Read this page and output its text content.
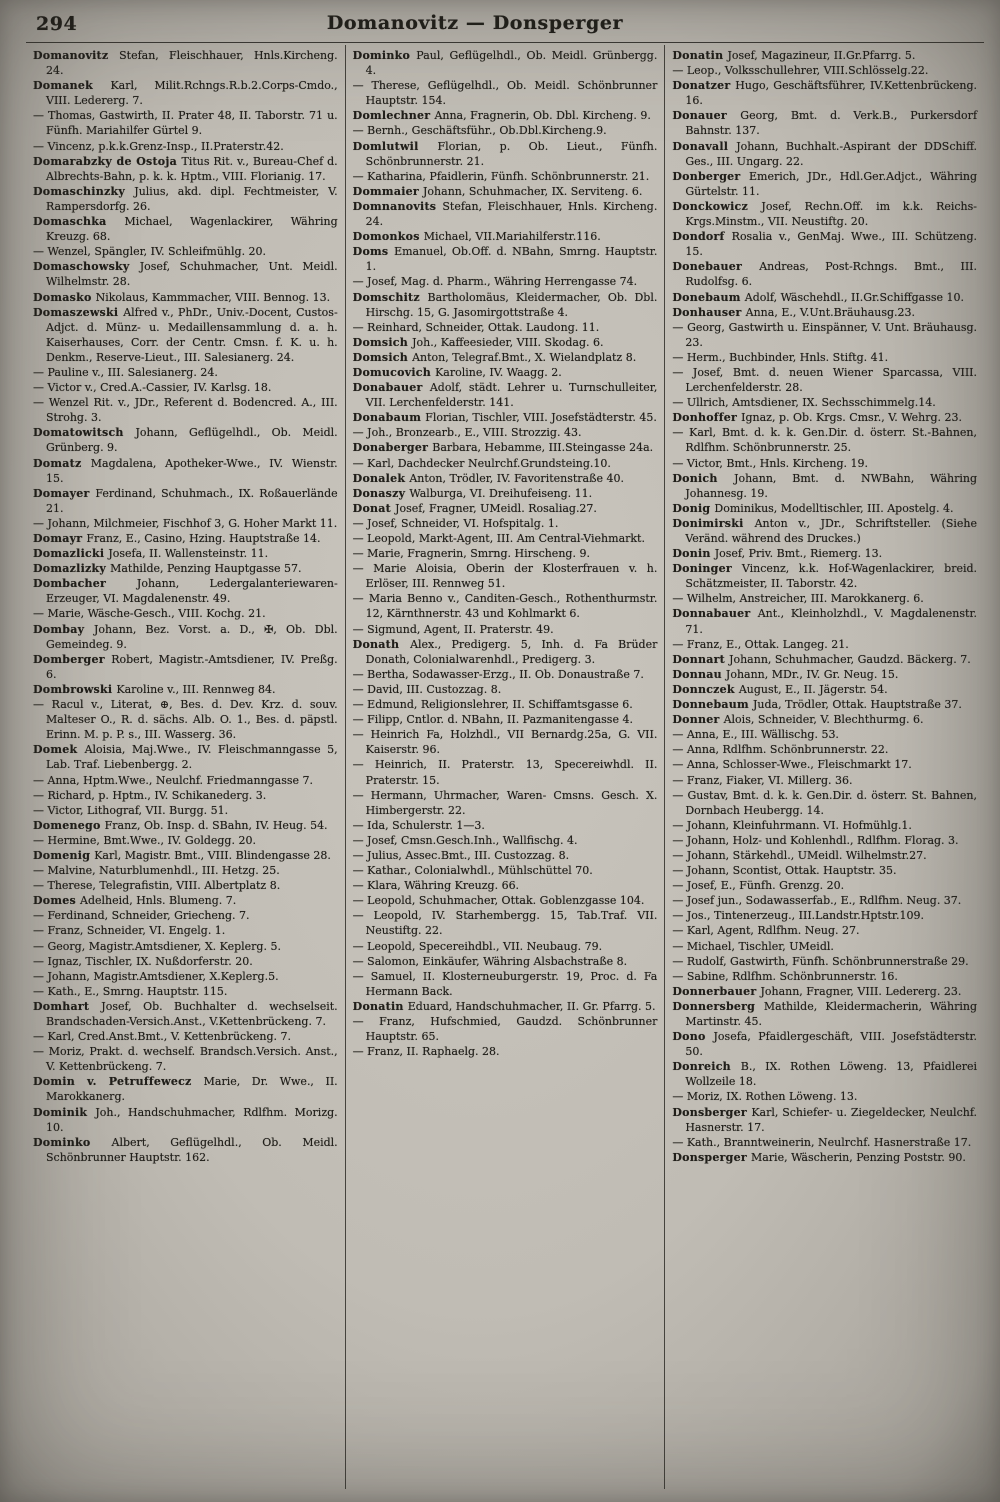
294	Domanovitz — Donsperger
Domanovitz Stefan, Fleischhauer, Hnls.Kircheng. 24.
Domanek Karl, Milit.Rchngs.R.b.2.Corps-Cmdo., VIII. Ledererg. 7.
— Thomas, Gastwirth, II. Prater 48, II. Taborstr. 71 u. Fünfh. Mariahilfer Gürtel 9.
— Vincenz, p.k.k.Grenz-Insp., II.Praterstr.42.
Domarabzky de Ostoja Titus Rit. v., Bureau-Chef d. Albrechts-Bahn, p. k. k. Hptm., VIII. Florianig. 17.
Domaschinzky Julius, akd. dipl. Fechtmeister, V. Rampersdorfg. 26.
Domaschka Michael, Wagenlackirer, Währing Kreuzg. 68.
— Wenzel, Spängler, IV. Schleifmühlg. 20.
Domaschowsky Josef, Schuhmacher, Unt. Meidl. Wilhelmstr. 28.
Domasko Nikolaus, Kammmacher, VIII. Bennog. 13.
Domaszewski Alfred v., PhDr., Univ.-Docent, Custos-Adjct. d. Münz- u. Medaillensammlung d. a. h. Kaiserhauses, Corr. der Centr. Cmsn. f. K. u. h. Denkm., Reserve-Lieut., III. Salesianerg. 24.
— Pauline v., III. Salesianerg. 24.
— Victor v., Cred.A.-Cassier, IV. Karlsg. 18.
— Wenzel Rit. v., JDr., Referent d. Bodencred. A., III. Strohg. 3.
Domatowitsch Johann, Geflügelhdl., Ob. Meidl. Grünberg. 9.
Domatz Magdalena, Apotheker-Wwe., IV. Wienstr. 15.
Domayer Ferdinand, Schuhmach., IX. Roßauerlände 21.
— Johann, Milchmeier, Fischhof 3, G. Hoher Markt 11.
Domayr Franz, E., Casino, Hzing. Hauptstraße 14.
Domazlicki Josefa, II. Wallensteinstr. 11.
Domazlizky Mathilde, Penzing Hauptgasse 57.
Dombacher Johann, Ledergalanteriewaren-Erzeuger, VI. Magdalenenstr. 49.
— Marie, Wäsche-Gesch., VIII. Kochg. 21.
Dombay Johann, Bez. Vorst. a. D., ✠, Ob. Dbl. Gemeindeg. 9.
Domberger Robert, Magistr.-Amtsdiener, IV. Preßg. 6.
Dombrowski Karoline v., III. Rennweg 84.
— Racul v., Literat, ⊕, Bes. d. Dev. Krz. d. souv. Malteser O., R. d. sächs. Alb. O. 1., Bes. d. päpstl. Erinn. M. p. P. s., III. Wasserg. 36.
Domek Aloisia, Maj.Wwe., IV. Fleischmanngasse 5, Lab. Traf. Liebenbergg. 2.
— Anna, Hptm.Wwe., Neulchf. Friedmanngasse 7.
— Richard, p. Hptm., IV. Schikanederg. 3.
— Victor, Lithograf, VII. Burgg. 51.
Domenego Franz, Ob. Insp. d. SBahn, IV. Heug. 54.
— Hermine, Bmt.Wwe., IV. Goldegg. 20.
Domenig Karl, Magistr. Bmt., VIII. Blindengasse 28.
— Malvine, Naturblumenhdl., III. Hetzg. 25.
— Therese, Telegrafistin, VIII. Albertplatz 8.
Domes Adelheid, Hnls. Blumeng. 7.
— Ferdinand, Schneider, Griecheng. 7.
— Franz, Schneider, VI. Engelg. 1.
— Georg, Magistr.Amtsdiener, X. Keplerg. 5.
— Ignaz, Tischler, IX. Nußdorferstr. 20.
— Johann, Magistr.Amtsdiener, X.Keplerg.5.
— Kath., E., Smrng. Hauptstr. 115.
Domhart Josef, Ob. Buchhalter d. wechselseit. Brandschaden-Versich.Anst., V.Kettenbrückeng. 7.
— Karl, Cred.Anst.Bmt., V. Kettenbrückeng. 7.
— Moriz, Prakt. d. wechself. Brandsch.Versich. Anst., V. Kettenbrückeng. 7.
Domin v. Petruffewecz Marie, Dr. Wwe., II. Marokkanerg.
Dominik Joh., Handschuhmacher, Rdlfhm. Morizg. 10.
Dominko Albert, Geflügelhdl., Ob. Meidl. Schönbrunner Hauptstr. 162.
Dominko Paul, Geflügelhdl., Ob. Meidl. Grünbergg. 4.
— Therese, Geflügelhdl., Ob. Meidl. Schönbrunner Hauptstr. 154.
Domlechner Anna, Fragnerin, Ob. Dbl. Kircheng. 9.
— Bernh., Geschäftsführ., Ob.Dbl.Kircheng.9.
Domlutwil Florian, p. Ob. Lieut., Fünfh. Schönbrunnerstr. 21.
— Katharina, Pfaidlerin, Fünfh. Schönbrunnerstr. 21.
Dommaier Johann, Schuhmacher, IX. Serviteng. 6.
Domnanovits Stefan, Fleischhauer, Hnls. Kircheng. 24.
Domonkos Michael, VII.Mariahilferstr.116.
Doms Emanuel, Ob.Off. d. NBahn, Smrng. Hauptstr. 1.
— Josef, Mag. d. Pharm., Währing Herrengasse 74.
Domschitz Bartholomäus, Kleidermacher, Ob. Dbl. Hirschg. 15, G. Jasomirgottstraße 4.
— Reinhard, Schneider, Ottak. Laudong. 11.
Domsich Joh., Kaffeesieder, VIII. Skodag. 6.
Domsich Anton, Telegraf.Bmt., X. Wielandplatz 8.
Domucovich Karoline, IV. Waagg. 2.
Donabauer Adolf, städt. Lehrer u. Turnschulleiter, VII. Lerchenfelderstr. 141.
Donabaum Florian, Tischler, VIII. Josefstädterstr. 45.
— Joh., Bronzearb., E., VIII. Strozzig. 43.
Donaberger Barbara, Hebamme, III.Steingasse 24a.
— Karl, Dachdecker Neulrchf.Grundsteing.10.
Donalek Anton, Trödler, IV. Favoritenstraße 40.
Donaszy Walburga, VI. Dreihufeiseng. 11.
Donat Josef, Fragner, UMeidl. Rosaliag.27.
— Josef, Schneider, VI. Hofspitalg. 1.
— Leopold, Markt-Agent, III. Am Central-Viehmarkt.
— Marie, Fragnerin, Smrng. Hirscheng. 9.
— Marie Aloisia, Oberin der Klosterfrauen v. h. Erlöser, III. Rennweg 51.
— Maria Benno v., Canditen-Gesch., Rothenthurmstr. 12, Kärnthnerstr. 43 und Kohlmarkt 6.
— Sigmund, Agent, II. Praterstr. 49.
Donath Alex., Predigerg. 5, Inh. d. Fa Brüder Donath, Colonialwarenhdl., Predigerg. 3.
— Bertha, Sodawasser-Erzg., II. Ob. Donaustraße 7.
— David, III. Custozzag. 8.
— Edmund, Religionslehrer, II. Schiffamtsgasse 6.
— Filipp, Cntlor. d. NBahn, II. Pazmanitengasse 4.
— Heinrich Fa, Holzhdl., VII Bernardg.25a, G. VII. Kaiserstr. 96.
— Heinrich, II. Praterstr. 13, Specereiwhdl. II. Praterstr. 15.
— Hermann, Uhrmacher, Waren- Cmsns. Gesch. X. Himbergerstr. 22.
— Ida, Schulerstr. 1—3.
— Josef, Cmsn.Gesch.Inh., Wallfischg. 4.
— Julius, Assec.Bmt., III. Custozzag. 8.
— Kathar., Colonialwhdl., Mühlschüttel 70.
— Klara, Währing Kreuzg. 66.
— Leopold, Schuhmacher, Ottak. Goblenzgasse 104.
— Leopold, IV. Starhembergg. 15, Tab.Traf. VII. Neustiftg. 22.
— Leopold, Specereihdbl., VII. Neubaug. 79.
— Salomon, Einkäufer, Währing Alsbachstraße 8.
— Samuel, II. Klosterneuburgerstr. 19, Proc. d. Fa Hermann Back.
Donatin Eduard, Handschuhmacher, II. Gr. Pfarrg. 5.
— Franz, Hufschmied, Gaudzd. Schönbrunner Hauptstr. 65.
— Franz, II. Raphaelg. 28.
Donatin Josef, Magazineur, II.Gr.Pfarrg. 5.
— Leop., Volksschullehrer, VIII.Schlösselg.22.
Donatzer Hugo, Geschäftsführer, IV.Kettenbrückeng. 16.
Donauer Georg, Bmt. d. Verk.B., Purkersdorf Bahnstr. 137.
Donavall Johann, Buchhalt.-Aspirant der DDSchiff. Ges., III. Ungarg. 22.
Donberger Emerich, JDr., Hdl.Ger.Adjct., Währing Gürtelstr. 11.
Donckowicz Josef, Rechn.Off. im k.k. Reichs-Krgs.Minstm., VII. Neustiftg. 20.
Dondorf Rosalia v., GenMaj. Wwe., III. Schützeng. 15.
Donebauer Andreas, Post-Rchngs. Bmt., III. Rudolfsg. 6.
Donebaum Adolf, Wäschehdl., II.Gr.Schiffgasse 10.
Donhauser Anna, E., V.Unt.Bräuhausg.23.
— Georg, Gastwirth u. Einspänner, V. Unt. Bräuhausg. 23.
— Herm., Buchbinder, Hnls. Stiftg. 41.
— Josef, Bmt. d. neuen Wiener Sparcassa, VIII. Lerchenfelderstr. 28.
— Ullrich, Amtsdiener, IX. Sechsschimmelg.14.
Donhoffer Ignaz, p. Ob. Krgs. Cmsr., V. Wehrg. 23.
— Karl, Bmt. d. k. k. Gen.Dir. d. österr. St.-Bahnen, Rdlfhm. Schönbrunnerstr. 25.
— Victor, Bmt., Hnls. Kircheng. 19.
Donich Johann, Bmt. d. NWBahn, Währing Johannesg. 19.
Donig Dominikus, Modelltischler, III. Apostelg. 4.
Donimirski Anton v., JDr., Schriftsteller. (Siehe Veränd. während des Druckes.)
Donin Josef, Priv. Bmt., Riemerg. 13.
Doninger Vincenz, k.k. Hof-Wagenlackirer, breid. Schätzmeister, II. Taborstr. 42.
— Wilhelm, Anstreicher, III. Marokkanerg. 6.
Donnabauer Ant., Kleinholzhdl., V. Magdalenenstr. 71.
— Franz, E., Ottak. Langeg. 21.
Donnart Johann, Schuhmacher, Gaudzd. Bäckerg. 7.
Donnau Johann, MDr., IV. Gr. Neug. 15.
Donnczek August, E., II. Jägerstr. 54.
Donnebaum Juda, Trödler, Ottak. Hauptstraße 37.
Donner Alois, Schneider, V. Blechthurmg. 6.
— Anna, E., III. Wällischg. 53.
— Anna, Rdlfhm. Schönbrunnerstr. 22.
— Anna, Schlosser-Wwe., Fleischmarkt 17.
— Franz, Fiaker, VI. Millerg. 36.
— Gustav, Bmt. d. k. k. Gen.Dir. d. österr. St. Bahnen, Dornbach Heubergg. 14.
— Johann, Kleinfuhrmann. VI. Hofmühlg.1.
— Johann, Holz- und Kohlenhdl., Rdlfhm. Florag. 3.
— Johann, Stärkehdl., UMeidl. Wilhelmstr.27.
— Johann, Scontist, Ottak. Hauptstr. 35.
— Josef, E., Fünfh. Grenzg. 20.
— Josef jun., Sodawasserfab., E., Rdlfhm. Neug. 37.
— Jos., Tintenerzeug., III.Landstr.Hptstr.109.
— Karl, Agent, Rdlfhm. Neug. 27.
— Michael, Tischler, UMeidl.
— Rudolf, Gastwirth, Fünfh. Schönbrunnerstraße 29.
— Sabine, Rdlfhm. Schönbrunnerstr. 16.
Donnerbauer Johann, Fragner, VIII. Ledererg. 23.
Donnersberg Mathilde, Kleidermacherin, Währing Martinstr. 45.
Dono Josefa, Pfaidlergeschäft, VIII. Josefstädterstr. 50.
Donreich B., IX. Rothen Löweng. 13, Pfaidlerei Wollzeile 18.
— Moriz, IX. Rothen Löweng. 13.
Donsberger Karl, Schiefer- u. Ziegeldecker, Neulchf. Hasnerstr. 17.
— Kath., Branntweinerin, Neulrchf. Hasnerstraße 17.
Donsperger Marie, Wäscherin, Penzing Poststr. 90.
